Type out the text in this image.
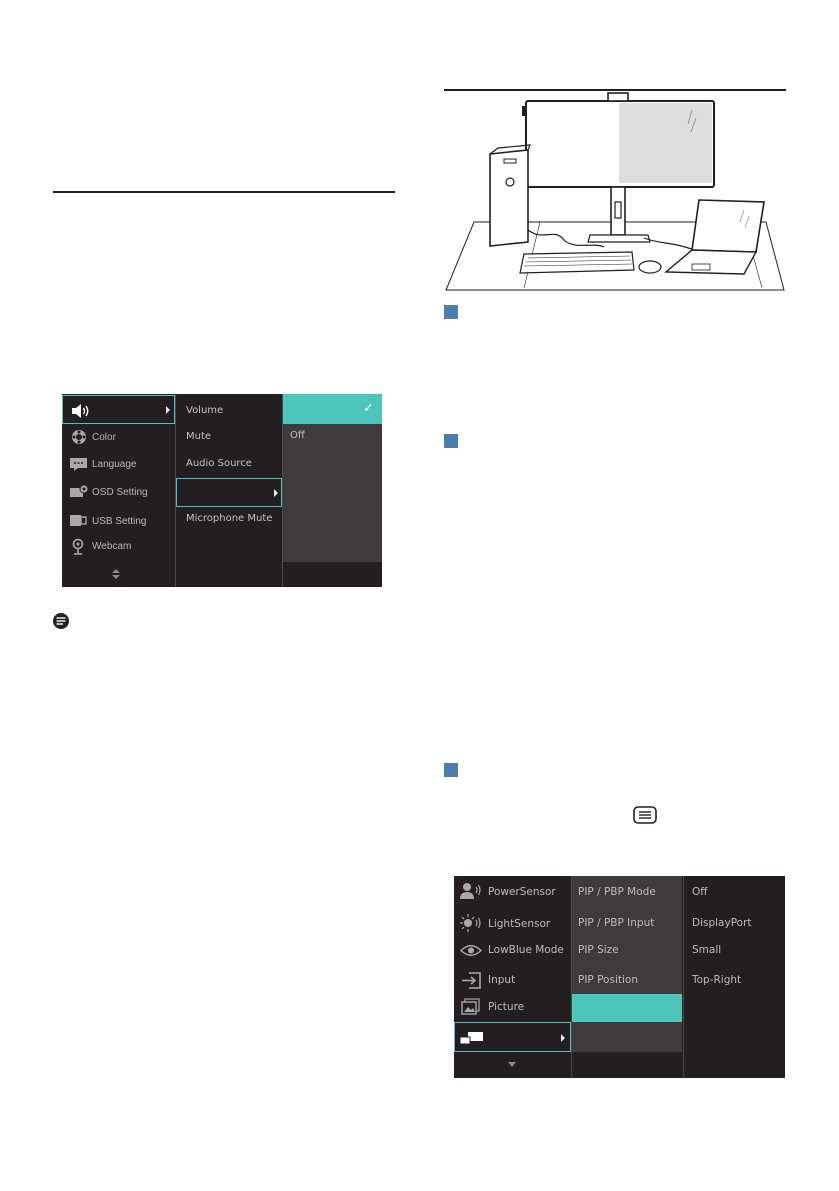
Color
Language
OSD Setting
USB Setting
Webcam
Volume
Mute
Audio Source
Microphone Mute
✓
Off
PowerSensor
LightSensor
LowBlue Mode
Input
Picture
PIP / PBP Mode
PIP / PBP Input
PIP Size
PIP Position
Off
DisplayPort
Small
Top-Right
